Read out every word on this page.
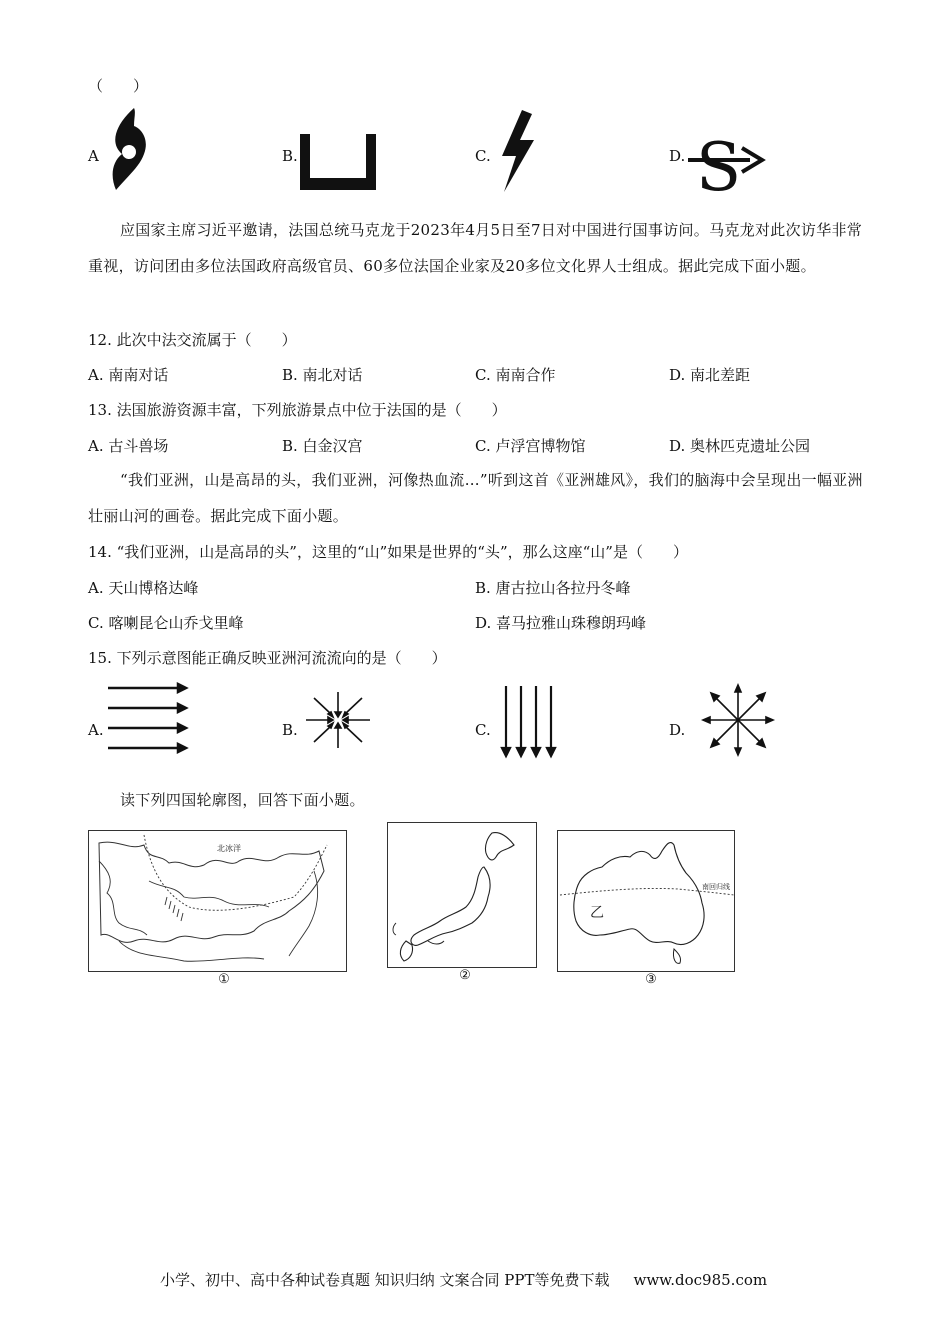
（　　）
A	B.	C.	D. S
应国家主席习近平邀请，法国总统马克龙于2023年4月5日至7日对中国进行国事访问。马克龙对此次访华非常重视，访问团由多位法国政府高级官员、60多位法国企业家及20多位文化界人士组成。据此完成下面小题。
12. 此次中法交流属于（　　）
A. 南南对话	B. 南北对话	C. 南南合作	D. 南北差距
13. 法国旅游资源丰富，下列旅游景点中位于法国的是（　　）
A. 古斗兽场	B. 白金汉宫	C. 卢浮宫博物馆	D. 奥林匹克遗址公园
“我们亚洲，山是高昂的头，我们亚洲，河像热血流…”听到这首《亚洲雄风》，我们的脑海中会呈现出一幅亚洲壮丽山河的画卷。据此完成下面小题。
14. “我们亚洲，山是高昂的头”，这里的“山”如果是世界的“头”，那么这座“山”是（　　）
A. 天山博格达峰	B. 唐古拉山各拉丹冬峰
C. 喀喇昆仑山乔戈里峰	D. 喜马拉雅山珠穆朗玛峰
15. 下列示意图能正确反映亚洲河流流向的是（　　）
A.	B.	C.	D.
读下列四国轮廓图，回答下面小题。
北冰洋
①	②
南回归线
乙
③
小学、初中、高中各种试卷真题 知识归纳 文案合同 PPT等免费下载 www.doc985.com
